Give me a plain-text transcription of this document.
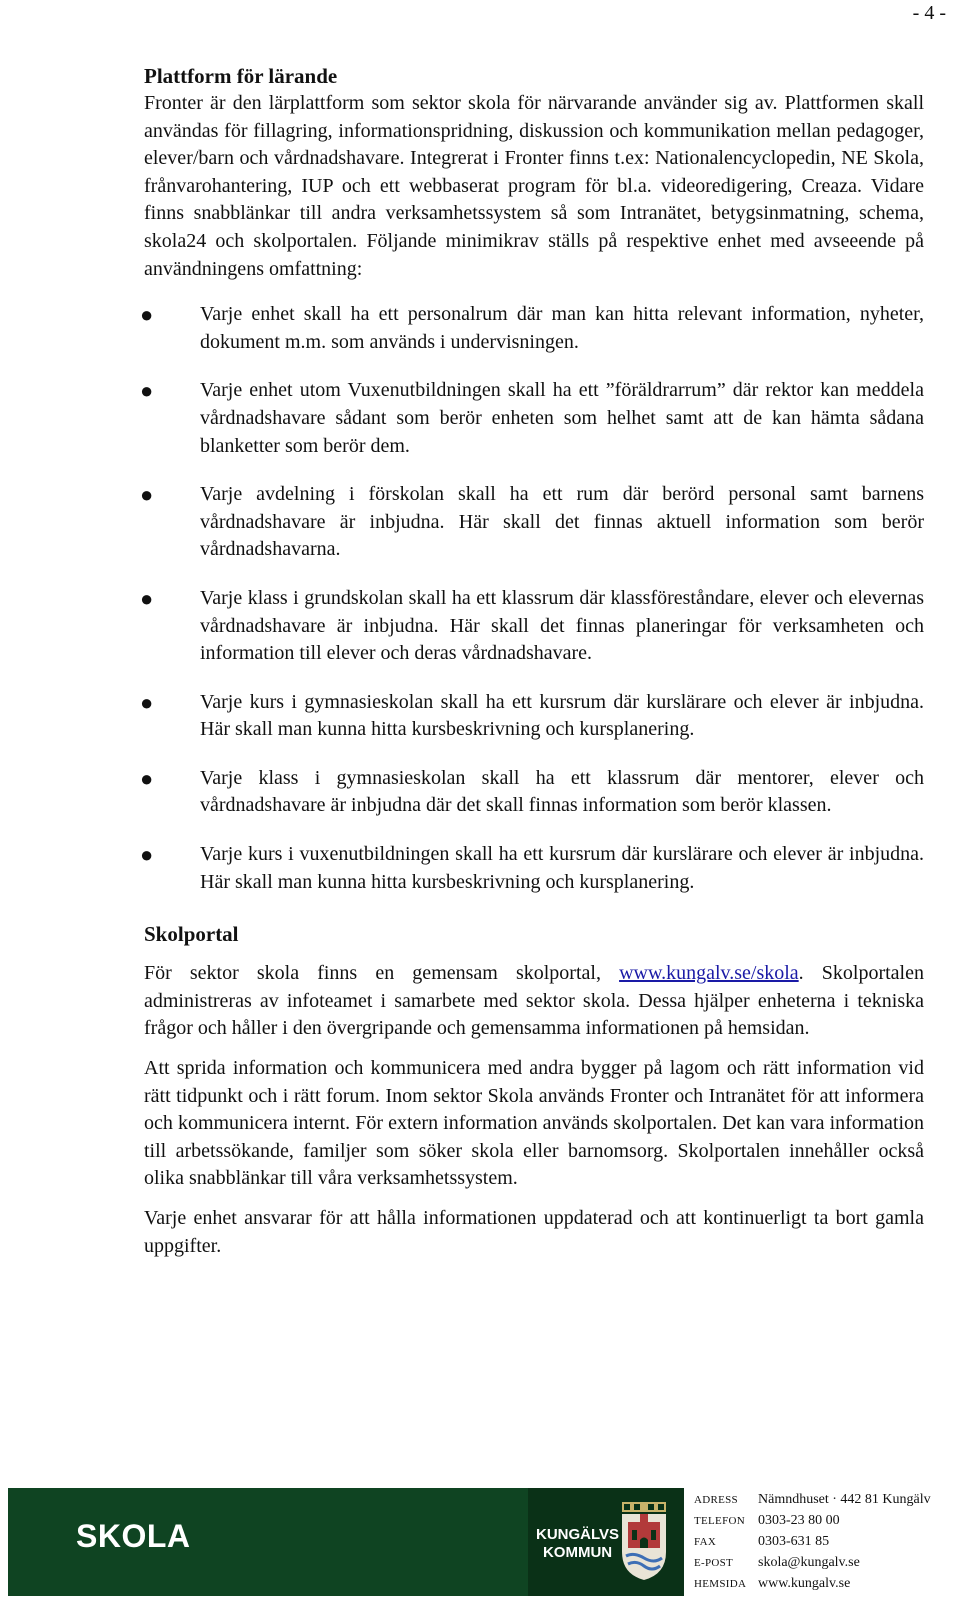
- 4 -
Plattform för lärande

Fronter är den lärplattform som sektor skola för närvarande använder sig av. Plattformen skall användas för fillagring, informationspridning, diskussion och kommunikation mellan pedagoger, elever/barn och vårdnadshavare. Integrerat i Fronter finns t.ex: Nationalencyclopedin, NE Skola, frånvarohantering, IUP och ett webbaserat program för bl.a. videoredigering, Creaza. Vidare finns snabblänkar till andra verksamhetssystem så som Intranätet, betygsinmatning, schema, skola24 och skolportalen. Följande minimikrav ställs på respektive enhet med avseeende på användningens omfattning:

● Varje enhet skall ha ett personalrum där man kan hitta relevant information, nyheter, dokument m.m. som används i undervisningen.
● Varje enhet utom Vuxenutbildningen skall ha ett ”föräldrarrum” där rektor kan meddela vårdnadshavare sådant som berör enheten som helhet samt att de kan hämta sådana blanketter som berör dem.
● Varje avdelning i förskolan skall ha ett rum där berörd personal samt barnens vårdnadshavare är inbjudna. Här skall det finnas aktuell information som berör vårdnadshavarna.
● Varje klass i grundskolan skall ha ett klassrum där klassföreståndare, elever och elevernas vårdnadshavare är inbjudna. Här skall det finnas planeringar för verksamheten och information till elever och deras vårdnadshavare.
● Varje kurs i gymnasieskolan skall ha ett kursrum där kurslärare och elever är inbjudna. Här skall man kunna hitta kursbeskrivning och kursplanering.
● Varje klass i gymnasieskolan skall ha ett klassrum där mentorer, elever och vårdnadshavare är inbjudna där det skall finnas information som berör klassen.
● Varje kurs i vuxenutbildningen skall ha ett kursrum där kurslärare och elever är inbjudna. Här skall man kunna hitta kursbeskrivning och kursplanering.
Skolportal

För sektor skola finns en gemensam skolportal, www.kungalv.se/skola. Skolportalen administreras av infoteamet i samarbete med sektor skola. Dessa hjälper enheterna i tekniska frågor och håller i den övergripande och gemensamma informationen på hemsidan.

Att sprida information och kommunicera med andra bygger på lagom och rätt information vid rätt tidpunkt och i rätt forum. Inom sektor Skola används Fronter och Intranätet för att informera och kommunicera internt. För extern information används skolportalen. Det kan vara information till arbetssökande, familjer som söker skola eller barnomsorg. Skolportalen innehåller också olika snabblänkar till våra verksamhetssystem.

Varje enhet ansvarar för att hålla informationen uppdaterad och att kontinuerligt ta bort gamla uppgifter.

SKOLA	KUNGÄLVS
KOMMUN
ADRESS	Nämndhuset · 442 81 Kungälv
TELEFON 0303-23 80 00
FAX	0303-631 85
E-POST	skola@kungalv.se
HEMSIDA www.kungalv.se
